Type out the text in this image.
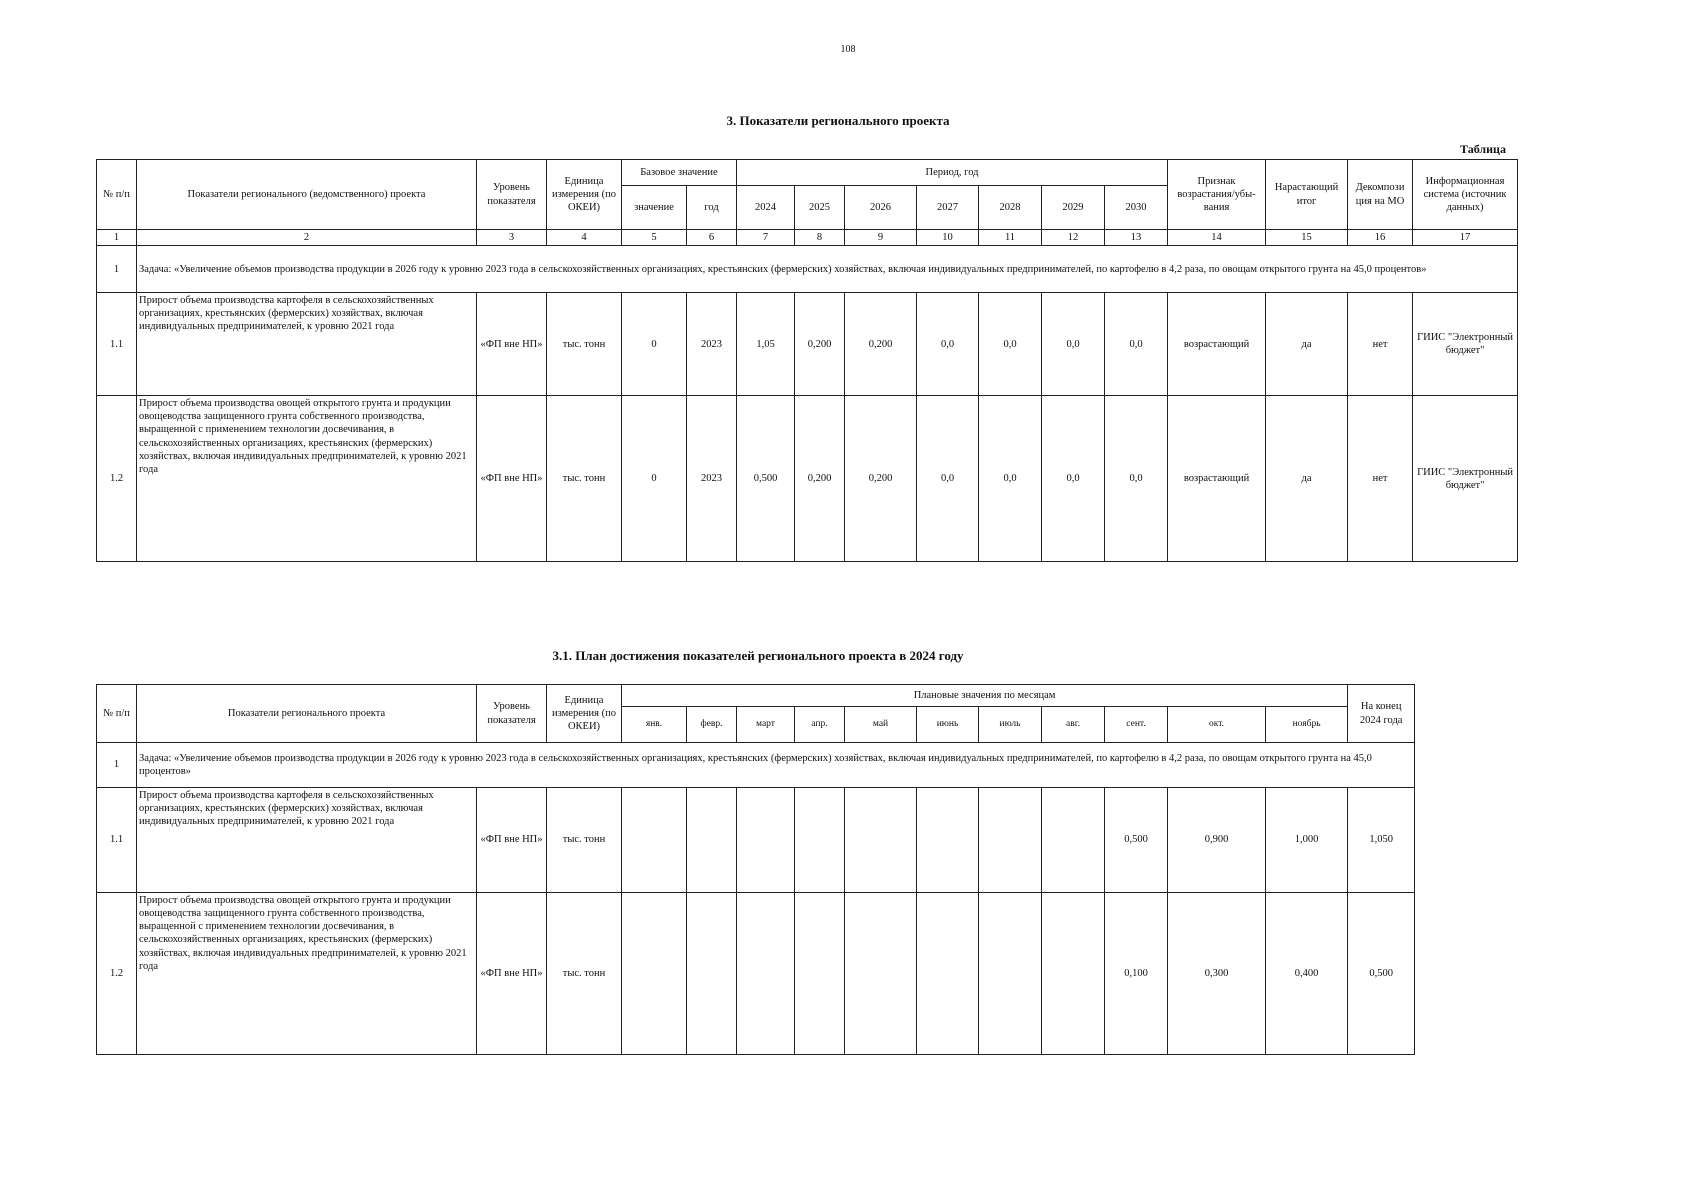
108
3. Показатели регионального проекта
Таблица
№ п/п	Показатели регионального (ведомственного) проекта	Уровень показателя	Единица измерения (по ОКЕИ)	Базовое значение		Период, год							Признак возрастания/убы-вания	Нарастающий итог	Декомпози ция на МО	Информационная система (источник данных)
				значение	год	2024	2025	2026	2027	2028	2029	2030				
1	2	3	4	5	6	7	8	9	10	11	12	13	14	15	16	17
1	Задача: «Увеличение объемов производства продукции в 2026 году к уровню 2023 года в сельскохозяйственных организациях, крестьянских (фермерских) хозяйствах, включая индивидуальных предпринимателей, по картофелю в 4,2 раза, по овощам открытого грунта на 45,0 процентов»															
1.1	Прирост объема производства картофеля в сельскохозяйственных организациях, крестьянских (фермерских) хозяйствах, включая индивидуальных предпринимателей, к уровню 2021 года	«ФП вне НП»	тыс. тонн	0	2023	1,05	0,200	0,200	0,0	0,0	0,0	0,0	возрастающий	да	нет	ГИИС "Электронный бюджет"
1.2	Прирост объема производства овощей открытого грунта и продукции овощеводства защищенного грунта собственного производства, выращенной с применением технологии досвечивания, в сельскохозяйственных организациях, крестьянских (фермерских) хозяйствах, включая индивидуальных предпринимателей, к уровню 2021 года	«ФП вне НП»	тыс. тонн	0	2023	0,500	0,200	0,200	0,0	0,0	0,0	0,0	возрастающий	да	нет	ГИИС "Электронный бюджет"
3.1. План достижения показателей регионального проекта в 2024 году
№ п/п	Показатели регионального проекта	Уровень показателя	Единица измерения (по ОКЕИ)	Плановые значения по месяцам											На конец 2024 года
				янв.	февр.	март	апр.	май	июнь	июль	авг.	сент.	окт.	ноябрь	
1	Задача: «Увеличение объемов производства продукции в 2026 году к уровню 2023 года в сельскохозяйственных организациях, крестьянских (фермерских) хозяйствах, включая индивидуальных предпринимателей, по картофелю в 4,2 раза, по овощам открытого грунта на 45,0 процентов»														
1.1	Прирост объема производства картофеля в сельскохозяйственных организациях, крестьянских (фермерских) хозяйствах, включая индивидуальных предпринимателей, к уровню 2021 года	«ФП вне НП»	тыс. тонн									0,500	0,900	1,000	1,050
1.2	Прирост объема производства овощей открытого грунта и продукции овощеводства защищенного грунта собственного производства, выращенной с применением технологии досвечивания, в сельскохозяйственных организациях, крестьянских (фермерских) хозяйствах, включая индивидуальных предпринимателей, к уровню 2021 года	«ФП вне НП»	тыс. тонн									0,100	0,300	0,400	0,500
